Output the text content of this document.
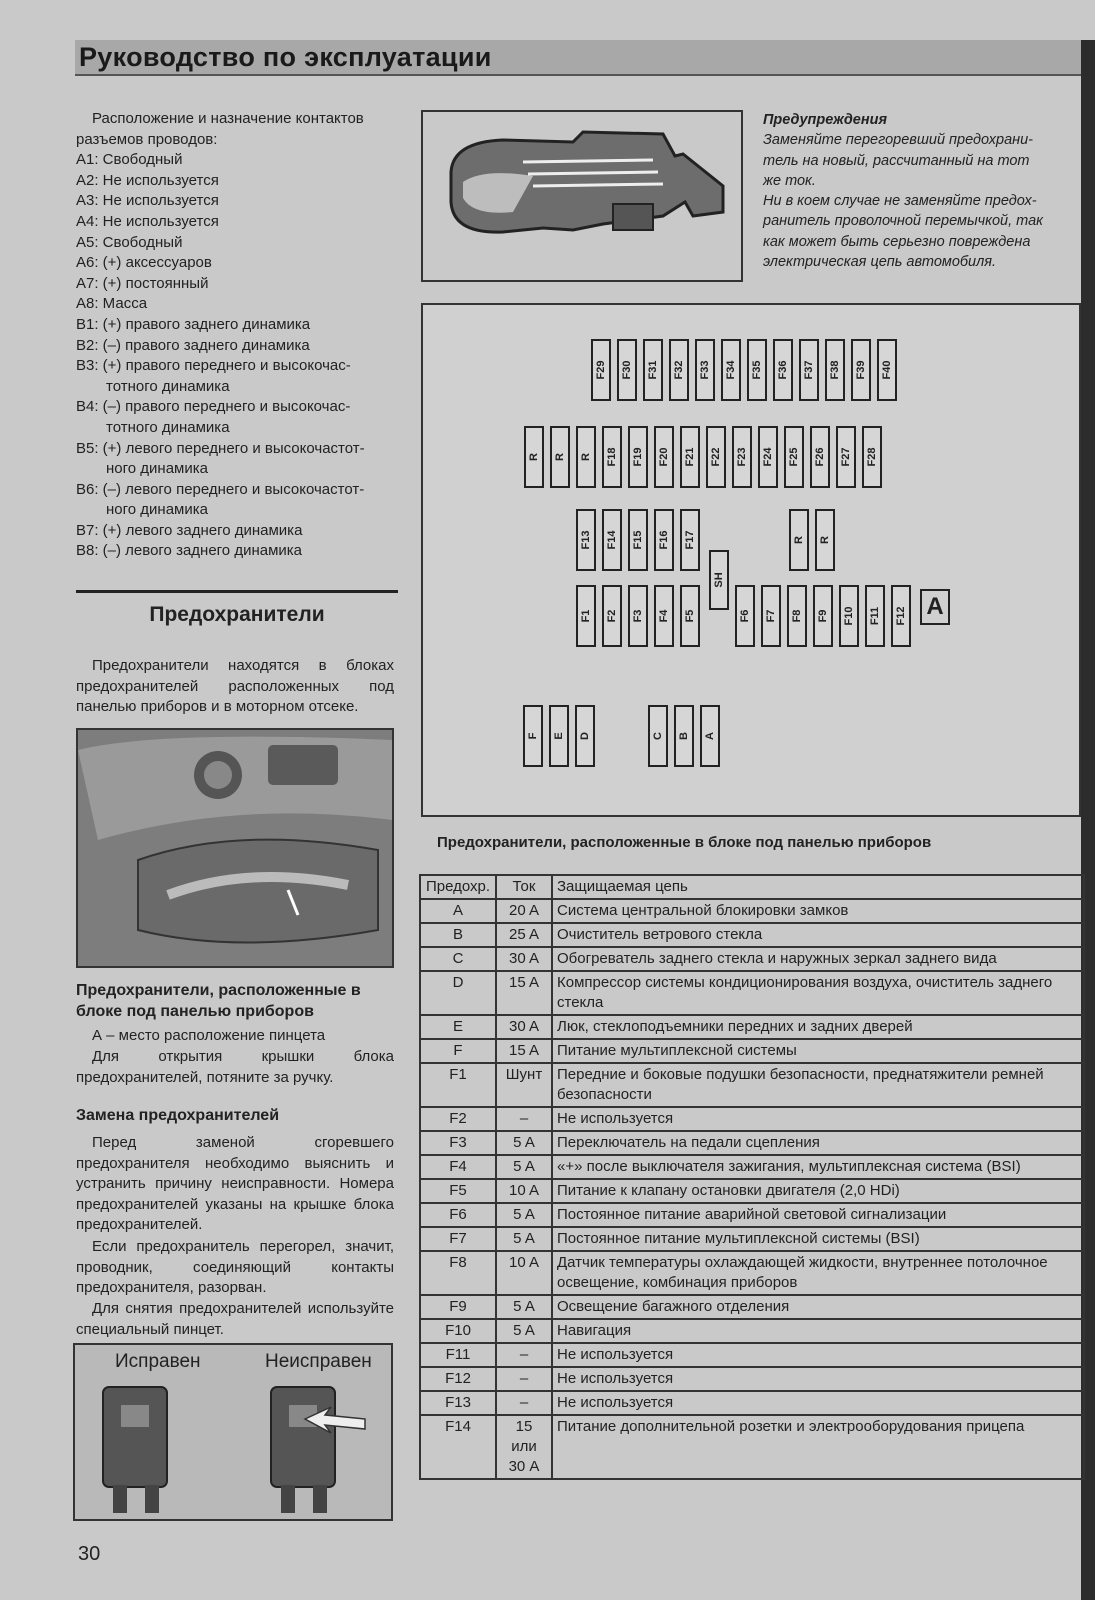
Руководство по эксплуатации
Расположение и назначение контактов
разъемов проводов:
A1: Свободный
A2: Не используется
A3: Не используется
A4: Не используется
A5: Свободный
A6: (+) аксессуаров
A7: (+) постоянный
A8: Масса
B1: (+) правого заднего динамика
B2: (–) правого заднего динамика
B3: (+) правого переднего и высокочас-
тотного динамика
B4: (–) правого переднего и высокочас-
тотного динамика
B5: (+) левого переднего и высокочастот-
ного динамика
B6: (–) левого переднего и высокочастот-
ного динамика
B7: (+) левого заднего динамика
B8: (–) левого заднего динамика
Предохранители
Предохранители находятся в блоках предохранителей расположенных под панелью приборов и в моторном отсеке.
Предохранители, расположенные в блоке под панелью приборов
А – место расположение пинцета
Для открытия крышки блока предохранителей, потяните за ручку.
Замена предохранителей
Перед заменой сгоревшего предохранителя необходимо выяснить и устранить причину неисправности. Номера предохранителей указаны на крышке блока предохранителей.
Если предохранитель перегорел, значит, проводник, соединяющий контакты предохранителя, разорван.
Для снятия предохранителей используйте специальный пинцет.
Исправен	Неисправен
30
Предупреждения
Заменяйте перегоревший предохрани-
тель на новый, рассчитанный на тот
же ток.
Ни в коем случае не заменяйте предох-
ранитель проволочной перемычкой, так
как может быть серьезно повреждена
электрическая цепь автомобиля.
F29 F30 F31 F32 F33 F34 F35 F36 F37 F38 F39 F40
R R R F18 F19 F20 F21 F22 F23 F24 F25 F26 F27 F28
F13 F14 F15 F16 F17	R R
SH
F1 F2 F3 F4 F5	F6 F7 F8 F9 F10 F11 F12 A
F E D	C B A
Предохранители, расположенные в блоке под панелью приборов
Предохр.	Ток	Защищаемая цепь
A	20 A	Система центральной блокировки замков
B	25 A	Очиститель ветрового стекла
C	30 A	Обогреватель заднего стекла и наружных зеркал заднего вида
D	15 A	Компрессор системы кондиционирования воздуха, очиститель заднего стекла
E	30 A	Люк, стеклоподъемники передних и задних дверей
F	15 A	Питание мультиплексной системы
F1	Шунт	Передние и боковые подушки безопасности, преднатяжители ремней безопасности
F2	–	Не используется
F3	5 A	Переключатель на педали сцепления
F4	5 A	«+» после выключателя зажигания, мультиплексная система (BSI)
F5	10 A	Питание к клапану остановки двигателя (2,0 HDi)
F6	5 A	Постоянное питание аварийной световой сигнализации
F7	5 A	Постоянное питание мультиплексной системы (BSI)
F8	10 A	Датчик температуры охлаждающей жидкости, внутреннее потолочное освещение, комбинация приборов
F9	5 A	Освещение багажного отделения
F10	5 A	Навигация
F11	–	Не используется
F12	–	Не используется
F13	–	Не используется
F14	15 или 30 A	Питание дополнительной розетки и электрооборудования прицепа
